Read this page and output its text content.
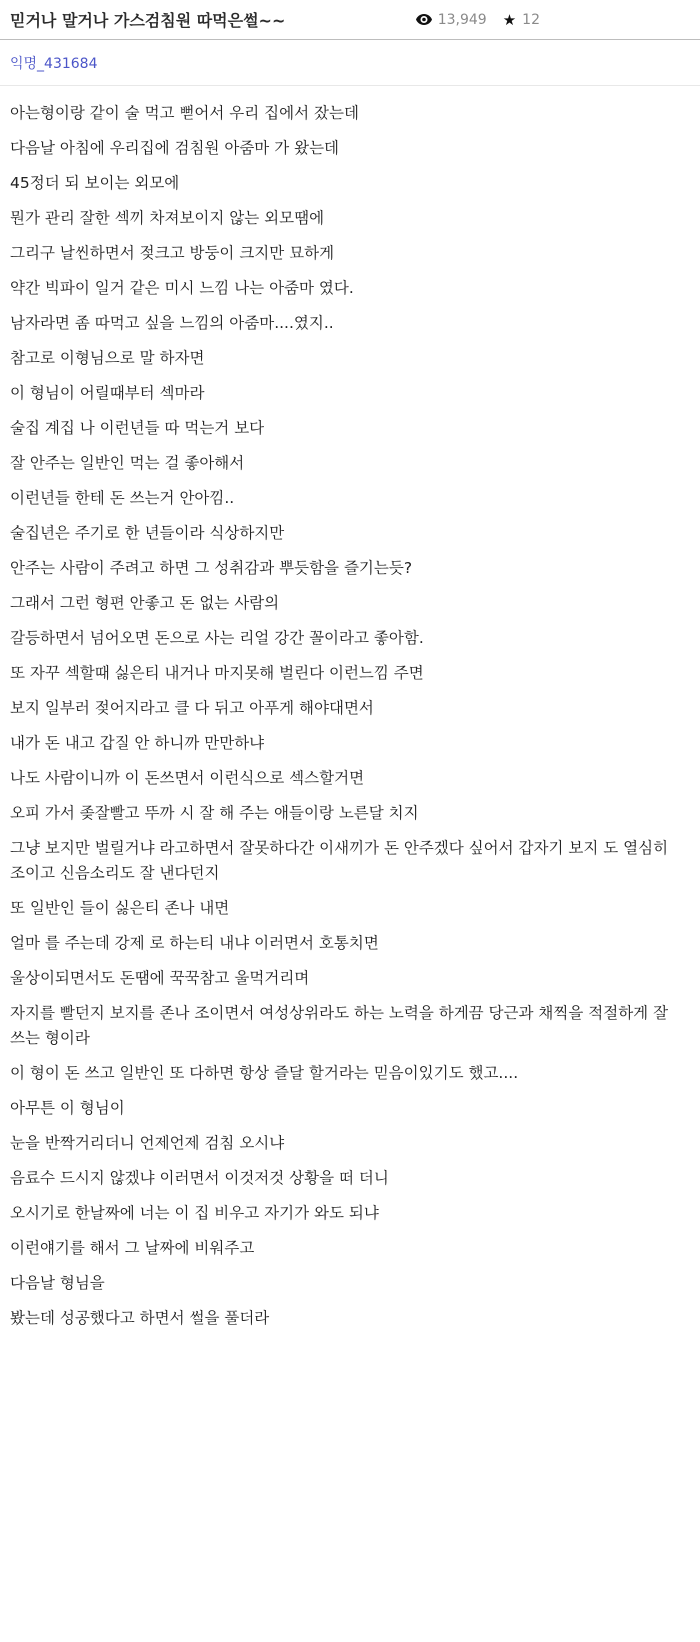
믿거나 말거나 가스검침원 따먹은썰~~	13,949 ★ 12
익명_431684

아는형이랑 같이 술 먹고 뻗어서 우리 집에서 잤는데

다음날 아침에 우리집에 검침원 아줌마 가 왔는데

45정더 되 보이는 외모에

뭔가 관리 잘한 섹끼 차져보이지 않는 외모땜에

그리구 날씬하면서 젖크고 방둥이 크지만 묘하게

약간 빅파이 일거 같은 미시 느낌 나는 아줌마 였다.

남자라면 좀 따먹고 싶을 느낌의 아줌마....였지..

참고로 이형님으로 말 하자면

이 형님이 어릴때부터 섹마라

술집 계집 나 이런년들 따 먹는거 보다

잘 안주는 일반인 먹는 걸 좋아해서

이런년들 한테 돈 쓰는거 안아낌..

술집년은 주기로 한 년들이라 식상하지만

안주는 사람이 주려고 하면 그 성취감과 뿌듯함을 즐기는듯?

그래서 그런 형편 안좋고 돈 없는 사람의

갈등하면서 넘어오면 돈으로 사는 리얼 강간 꼴이라고 좋아함.

또 자꾸 섹할때 싫은티 내거나 마지못해 벌린다 이런느낌 주면

보지 일부러 젖어지라고 클 다 뒤고 아푸게 해야대면서

내가 돈 내고 갑질 안 하니까 만만하냐

나도 사람이니까 이 돈쓰면서 이런식으로 섹스할거면

오피 가서 좆잘빨고 뚜까 시 잘 해 주는 애들이랑 노른달 치지

그냥 보지만 벌릴거냐 라고하면서 잘못하다간 이새끼가 돈 안주겠다 싶어서 갑자기 보지 도 열심히 조이고 신음소리도 잘 낸다던지

또 일반인 들이 싫은티 존나 내면

얼마 를 주는데 강제 로 하는티 내냐 이러면서 호통치면

울상이되면서도 돈땜에 꾹꾹참고 울먹거리며

자지를 빨던지 보지를 존나 조이면서 여성상위라도 하는 노력을 하게끔 당근과 채찍을 적절하게 잘 쓰는 형이라

이 형이 돈 쓰고 일반인 또 다하면 항상 즐달 할거라는 믿음이있기도 했고....

아무튼 이 형님이

눈을 반짝거리더니 언제언제 검침 오시냐

음료수 드시지 않겠냐 이러면서 이것저것 상황을 떠 더니

오시기로 한날짜에 너는 이 집 비우고 자기가 와도 되냐

이런얘기를 해서 그 날짜에 비워주고

다음날 형님을

봤는데 성공했다고 하면서 썰을 풀더라
